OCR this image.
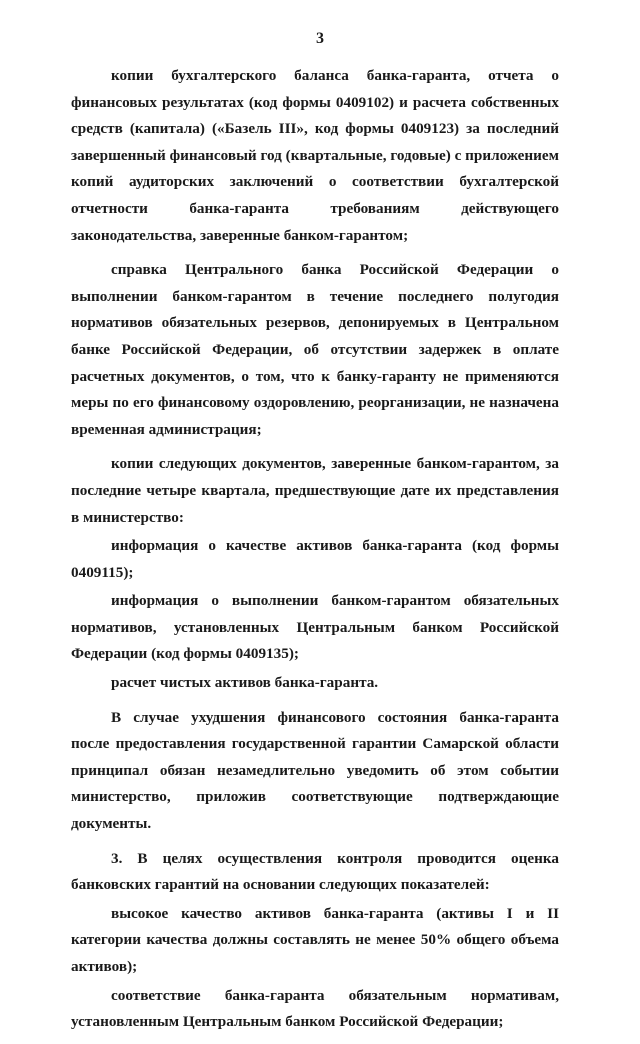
3

копии бухгалтерского баланса банка-гаранта, отчета о финансовых результатах (код формы 0409102) и расчета собственных средств (капитала) («Базель III», код формы 0409123) за последний завершенный финансовый год (квартальные, годовые) с приложением копий аудиторских заключений о соответствии бухгалтерской отчетности банка-гаранта требованиям действующего законодательства, заверенные банком-гарантом;

справка Центрального банка Российской Федерации о выполнении банком-гарантом в течение последнего полугодия нормативов обязательных резервов, депонируемых в Центральном банке Российской Федерации, об отсутствии задержек в оплате расчетных документов, о том, что к банку-гаранту не применяются меры по его финансовому оздоровлению, реорганизации, не назначена временная администрация;

копии следующих документов, заверенные банком-гарантом, за последние четыре квартала, предшествующие дате их представления в министерство:

информация о качестве активов банка-гаранта (код формы 0409115);

информация о выполнении банком-гарантом обязательных нормативов, установленных Центральным банком Российской Федерации (код формы 0409135);

расчет чистых активов банка-гаранта.

В случае ухудшения финансового состояния банка-гаранта после предоставления государственной гарантии Самарской области принципал обязан незамедлительно уведомить об этом событии министерство, приложив соответствующие подтверждающие документы.

3. В целях осуществления контроля проводится оценка банковских гарантий на основании следующих показателей:

высокое качество активов банка-гаранта (активы I и II категории качества должны составлять не менее 50% общего объема активов);

соответствие банка-гаранта обязательным нормативам, установленным Центральным банком Российской Федерации;
